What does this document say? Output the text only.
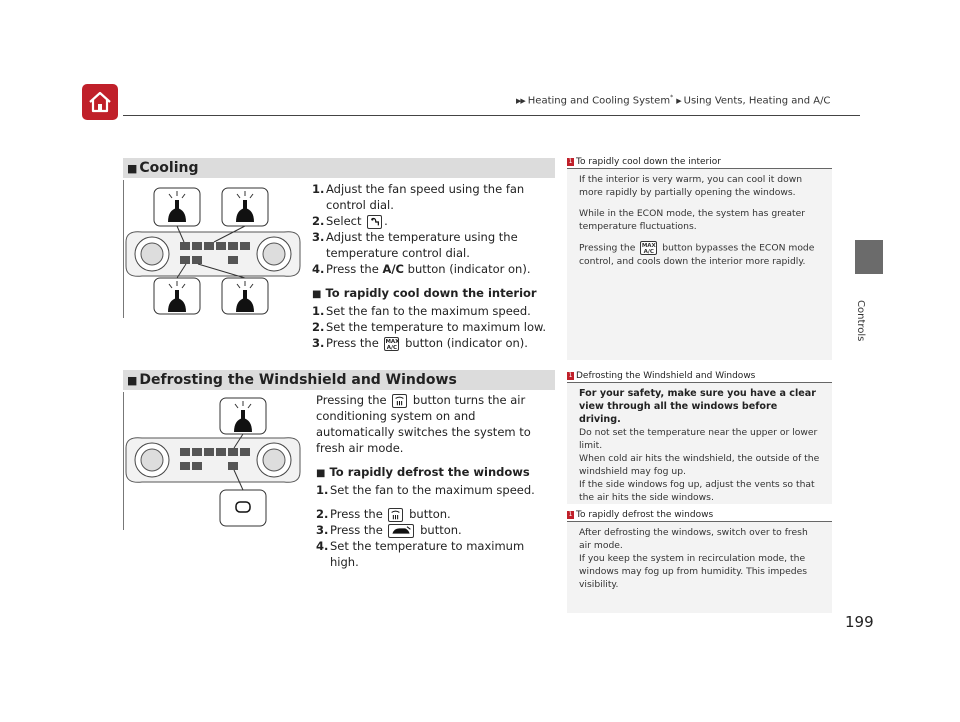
▶▶ Heating and Cooling System* ▶ Using Vents, Heating and A/C
Controls
■ Cooling
1. Adjust the fan speed using the fan control dial.

2. Select .

3. Adjust the temperature using the temperature control dial.

4. Press the A/C button (indicator on).

■ To rapidly cool down the interior
1. Set the fan to the maximum speed.

2. Set the temperature to maximum low.

3. Press the MAX
A/C button (indicator on).

■ Defrosting the Windshield and Windows

Pressing the button turns the air conditioning system on and automatically switches the system to fresh air mode.

■ To rapidly defrost the windows
1. Set the fan to the maximum speed.

2. Press the button.

3. Press the	button.

4. Set the temperature to maximum high.

1 To rapidly cool down the interior

If the interior is very warm, you can cool it down more rapidly by partially opening the windows.

While in the ECON mode, the system has greater temperature fluctuations.

Pressing the MAX
A/C button bypasses the ECON mode control, and cools down the interior more rapidly.

1 Defrosting the Windshield and Windows

For your safety, make sure you have a clear view through all the windows before driving.

Do not set the temperature near the upper or lower limit.

When cold air hits the windshield, the outside of the windshield may fog up.

If the side windows fog up, adjust the vents so that the air hits the side windows.

1 To rapidly defrost the windows

After defrosting the windows, switch over to fresh air mode.

If you keep the system in recirculation mode, the windows may fog up from humidity. This impedes visibility.

199
